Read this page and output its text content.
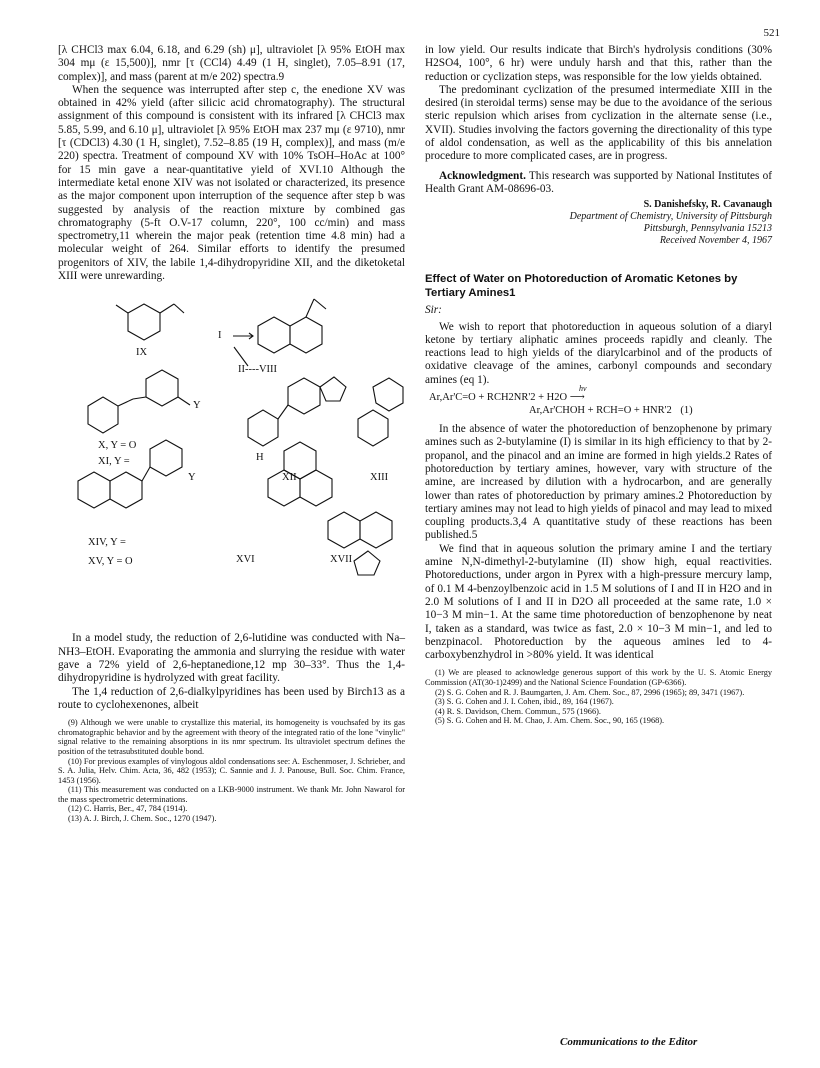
521

[λ CHCl3 max 6.04, 6.18, and 6.29 (sh) μ], ultraviolet [λ 95% EtOH max 304 mμ (ε 15,500)], nmr [τ (CCl4) 4.49 (1 H, singlet), 7.05–8.91 (17, complex)], and mass (parent at m/e 202) spectra.9

When the sequence was interrupted after step c, the enedione XV was obtained in 42% yield (after silicic acid chromatography). The structural assignment of this compound is consistent with its infrared [λ CHCl3 max 5.85, 5.99, and 6.10 μ], ultraviolet [λ 95% EtOH max 237 mμ (ε 9710), nmr [τ (CDCl3) 4.30 (1 H, singlet), 7.52–8.85 (19 H, complex)], and mass (m/e 220) spectra. Treatment of compound XV with 10% TsOH–HoAc at 100° for 15 min gave a near-quantitative yield of XVI.10 Although the intermediate ketal enone XIV was not isolated or characterized, its presence as the major component upon interruption of the sequence after step b was suggested by analysis of the reaction mixture by combined gas chromatography (5-ft O.V-17 column, 220°, 100 cc/min) and mass spectrometry,11 wherein the major peak (retention time 4.8 min) had a molecular weight of 264. Similar efforts to identify the presumed progenitors of XIV, the labile 1,4-dihydropyridine XII, and the diketoketal XIII were unrewarding.

IX
I
II----VIII
Y
X, Y = O
XI, Y =	H
XII	XIII
Y
XIV, Y =
XV, Y = O	XVI	XVII

In a model study, the reduction of 2,6-lutidine was conducted with Na–NH3–EtOH. Evaporating the ammonia and slurrying the residue with water gave a 72% yield of 2,6-heptanedione,12 mp 30–33°. Thus the 1,4-dihydropyridine is hydrolyzed with great facility.

The 1,4 reduction of 2,6-dialkylpyridines has been used by Birch13 as a route to cyclohexenones, albeit

(9) Although we were unable to crystallize this material, its homogeneity is vouchsafed by its gas chromatographic behavior and by the agreement with theory of the integrated ratio of the lone "vinylic" signal relative to the remaining absorptions in its nmr spectrum. Its ultraviolet spectrum defines the position of the tetrasubstituted double bond.

(10) For previous examples of vinylogous aldol condensations see: A. Eschenmoser, J. Schrieber, and S. A. Julia, Helv. Chim. Acta, 36, 482 (1953); C. Sannie and J. J. Panouse, Bull. Soc. Chim. France, 1453 (1956).

(11) This measurement was conducted on a LKB-9000 instrument. We thank Mr. John Nawarol for the mass spectrometric determinations.

(12) C. Harris, Ber., 47, 784 (1914).

(13) A. J. Birch, J. Chem. Soc., 1270 (1947).

in low yield. Our results indicate that Birch's hydrolysis conditions (30% H2SO4, 100°, 6 hr) were unduly harsh and that this, rather than the reduction or cyclization steps, was responsible for the low yields obtained.

The predominant cyclization of the presumed intermediate XIII in the desired (in steroidal terms) sense may be due to the avoidance of the serious steric repulsion which arises from cyclization in the alternate sense (i.e., XVII). Studies involving the factors governing the directionality of this type of aldol condensation, as well as the applicability of this bis annelation procedure to more complicated cases, are in progress.

Acknowledgment. This research was supported by National Institutes of Health Grant AM-08696-03.

S. Danishefsky, R. Cavanaugh
Department of Chemistry, University of Pittsburgh
Pittsburgh, Pennsylvania 15213
Received November 4, 1967
Effect of Water on Photoreduction of Aromatic Ketones by Tertiary Amines1
Sir:

We wish to report that photoreduction in aqueous solution of a diaryl ketone by tertiary aliphatic amines proceeds rapidly and cleanly. The reactions lead to high yields of the diarylcarbinol and of the products of oxidative cleavage of the amines, carbonyl compounds and secondary amines (eq 1).

hν
Ar,Ar'C=O + RCH2NR'2 + H2O ⟶
Ar,Ar'CHOH + RCH=O + HNR'2 (1)

In the absence of water the photoreduction of benzophenone by primary amines such as 2-butylamine (I) is similar in its high efficiency to that by 2-propanol, and the pinacol and an imine are formed in high yields.2 Rates of photoreduction by tertiary amines, however, vary with structure of the amine, are increased by dilution with a hydrocarbon, and are generally lower than rates of photoreduction by primary amines.2 Photoreduction by tertiary amines may not lead to high yields of pinacol and may lead to mixed coupling products.3,4 A quantitative study of these reactions has been published.5

We find that in aqueous solution the primary amine I and the tertiary amine N,N-dimethyl-2-butylamine (II) show high, equal reactivities. Photoreductions, under argon in Pyrex with a high-pressure mercury lamp, of 0.1 M 4-benzoylbenzoic acid in 1.5 M solutions of I and II in H2O and in 2.0 M solutions of I and II in D2O all proceeded at the same rate, 1.0 × 10−3 M min−1. At the same time photoreduction of benzophenone by neat I, taken as a standard, was twice as fast, 2.0 × 10−3 M min−1, and led to benzpinacol. Photoreduction by the aqueous amines led to 4-carboxybenzhydrol in >80% yield. It was identical

(1) We are pleased to acknowledge generous support of this work by the U. S. Atomic Energy Commission (AT(30-1)2499) and the National Science Foundation (GP-6366).

(2) S. G. Cohen and R. J. Baumgarten, J. Am. Chem. Soc., 87, 2996 (1965); 89, 3471 (1967).

(3) S. G. Cohen and J. I. Cohen, ibid., 89, 164 (1967).

(4) R. S. Davidson, Chem. Commun., 575 (1966).

(5) S. G. Cohen and H. M. Chao, J. Am. Chem. Soc., 90, 165 (1968).

Communications to the Editor
